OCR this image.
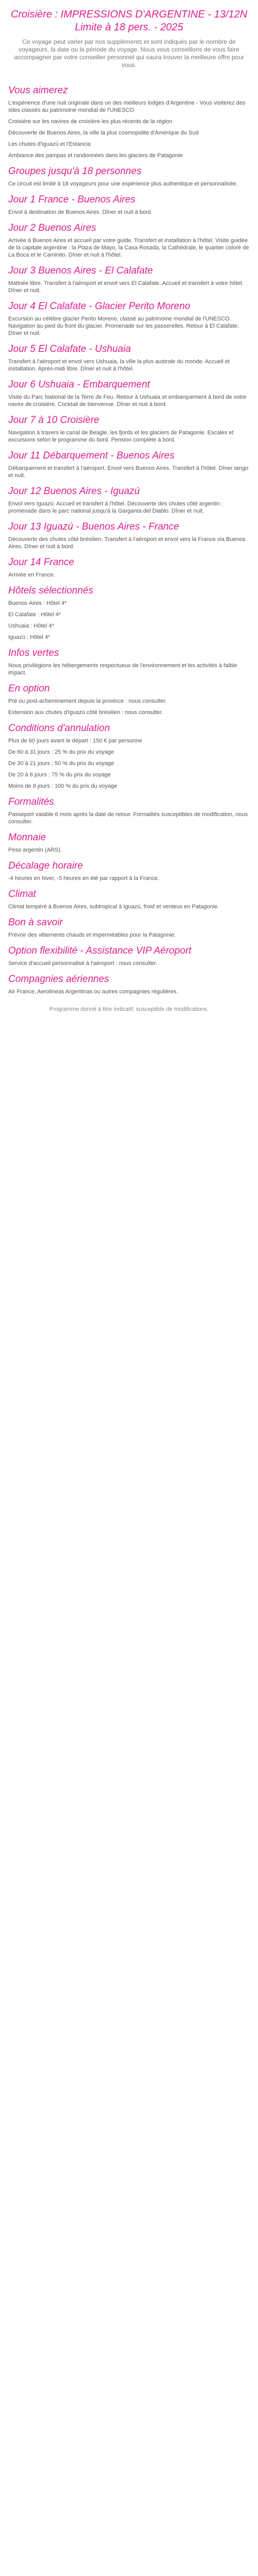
Croisière : IMPRESSIONS D'ARGENTINE - 13/12N Limite à 18 pers. - 2025

Ce voyage peut varier par nos suppléments et sont indiqués par le nombre de voyageurs, la date ou la période du voyage. Nous vous conseillons de vous faire accompagner par votre conseiller personnel qui saura trouver la meilleure offre pour vous.

Vous aimerez

L'expérience d'une nuit originale dans un des meilleurs lodges d'Argentine - Vous visiterez des sites classés au patrimoine mondial de l'UNESCO

Croisière sur les navires de croisière les plus récents de la région

Découverte de Buenos Aires, la ville la plus cosmopolite d'Amérique du Sud

Les chutes d'Iguazú et l'Estancia

Ambiance des pampas et randonnées dans les glaciers de Patagonie

Groupes jusqu'à 18 personnes

Ce circuit est limité à 18 voyageurs pour une expérience plus authentique et personnalisée.

Jour 1 France - Buenos Aires

Envol à destination de Buenos Aires. Dîner et nuit à bord.

Jour 2 Buenos Aires

Arrivée à Buenos Aires et accueil par votre guide. Transfert et installation à l'hôtel. Visite guidée de la capitale argentine : la Plaza de Mayo, la Casa Rosada, la Cathédrale, le quartier coloré de La Boca et le Caminito. Dîner et nuit à l'hôtel.

Jour 3 Buenos Aires - El Calafate

Matinée libre. Transfert à l'aéroport et envol vers El Calafate. Accueil et transfert à votre hôtel. Dîner et nuit.

Jour 4 El Calafate - Glacier Perito Moreno

Excursion au célèbre glacier Perito Moreno, classé au patrimoine mondial de l'UNESCO. Navigation au pied du front du glacier. Promenade sur les passerelles. Retour à El Calafate. Dîner et nuit.

Jour 5 El Calafate - Ushuaia

Transfert à l'aéroport et envol vers Ushuaia, la ville la plus australe du monde. Accueil et installation. Après-midi libre. Dîner et nuit à l'hôtel.

Jour 6 Ushuaia - Embarquement

Visite du Parc National de la Terre de Feu. Retour à Ushuaia et embarquement à bord de votre navire de croisière. Cocktail de bienvenue. Dîner et nuit à bord.

Jour 7 à 10 Croisière

Navigation à travers le canal de Beagle, les fjords et les glaciers de Patagonie. Escales et excursions selon le programme du bord. Pension complète à bord.

Jour 11 Débarquement - Buenos Aires

Débarquement et transfert à l'aéroport. Envol vers Buenos Aires. Transfert à l'hôtel. Dîner tango et nuit.

Jour 12 Buenos Aires - Iguazú

Envol vers Iguazú. Accueil et transfert à l'hôtel. Découverte des chutes côté argentin : promenade dans le parc national jusqu'à la Garganta del Diablo. Dîner et nuit.

Jour 13 Iguazú - Buenos Aires - France

Découverte des chutes côté brésilien. Transfert à l'aéroport et envol vers la France via Buenos Aires. Dîner et nuit à bord.

Jour 14 France

Arrivée en France.

Hôtels sélectionnés

Buenos Aires : Hôtel 4*

El Calafate : Hôtel 4*

Ushuaia : Hôtel 4*

Iguazú : Hôtel 4*

Infos vertes

Nous privilégions les hébergements respectueux de l'environnement et les activités à faible impact.

En option

Pré ou post-acheminement depuis la province : nous consulter.

Extension aux chutes d'Iguazú côté brésilien : nous consulter.

Conditions d'annulation

Plus de 60 jours avant le départ : 150 € par personne

De 60 à 31 jours : 25 % du prix du voyage

De 30 à 21 jours : 50 % du prix du voyage

De 20 à 8 jours : 75 % du prix du voyage

Moins de 8 jours : 100 % du prix du voyage

Formalités

Passeport valable 6 mois après la date de retour. Formalités susceptibles de modification, nous consulter.

Monnaie

Peso argentin (ARS).

Décalage horaire

-4 heures en hiver, -5 heures en été par rapport à la France.

Climat

Climat tempéré à Buenos Aires, subtropical à Iguazú, froid et venteux en Patagonie.

Bon à savoir

Prévoir des vêtements chauds et imperméables pour la Patagonie.

Option flexibilité - Assistance VIP Aéroport

Service d'accueil personnalisé à l'aéroport : nous consulter.

Compagnies aériennes

Air France, Aerolineas Argentinas ou autres compagnies régulières.

Programme donné à titre indicatif, susceptible de modifications.
